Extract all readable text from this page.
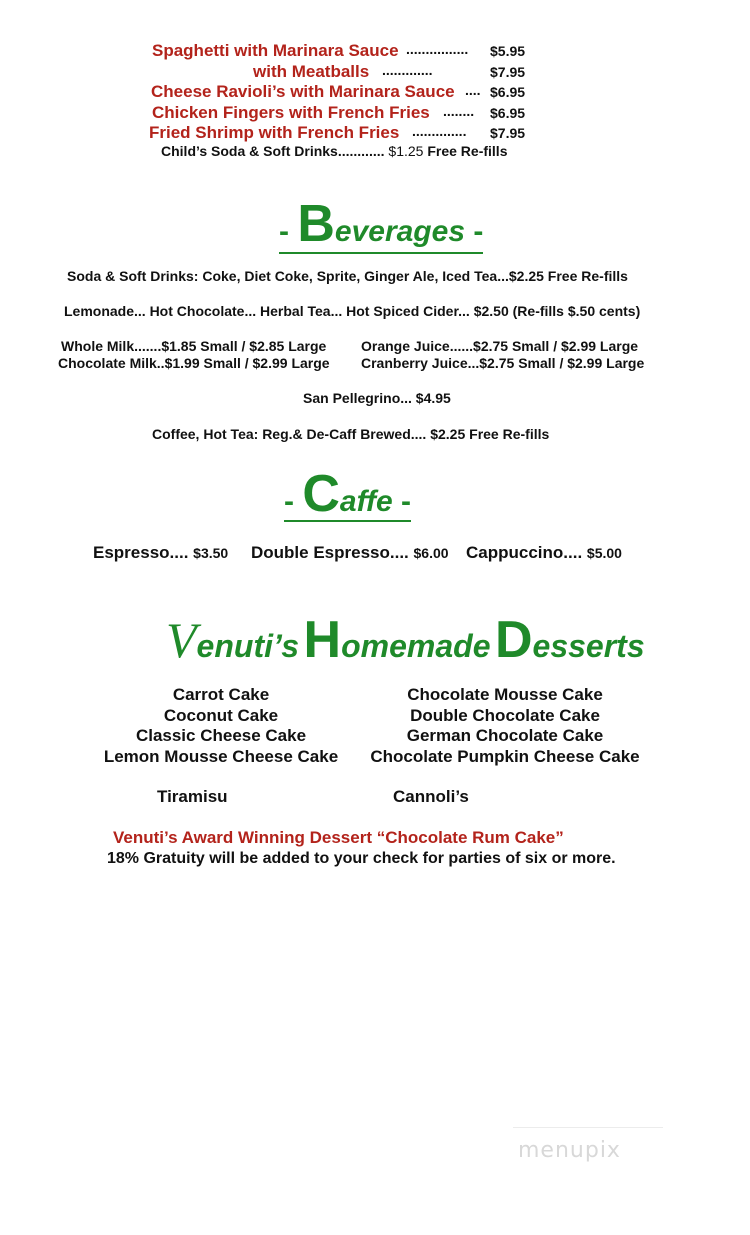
Spaghetti with Marinara Sauce ................ $5.95
with Meatballs .............	$7.95
Cheese Ravioli’s with Marinara Sauce .... $6.95
Chicken Fingers with French Fries ........ $6.95
Fried Shrimp with French Fries .............. $7.95
Child’s Soda & Soft Drinks............ $1.25 Free Re-fills
- Beverages -
Soda & Soft Drinks: Coke, Diet Coke, Sprite, Ginger Ale, Iced Tea...$2.25 Free Re-fills
Lemonade... Hot Chocolate... Herbal Tea... Hot Spiced Cider... $2.50 (Re-fills $.50 cents)
Whole Milk.......$1.85 Small / $2.85 Large Orange Juice......$2.75 Small / $2.99 Large
Chocolate Milk..$1.99 Small / $2.99 Large Cranberry Juice...$2.75 Small / $2.99 Large
San Pellegrino... $4.95
Coffee, Hot Tea: Reg.& De-Caff Brewed.... $2.25 Free Re-fills
- Caffe -
Espresso.... $3.50 Double Espresso.... $6.00 Cappuccino.... $5.00
Venuti’s Homemade Desserts
Carrot Cake
Coconut Cake
Classic Cheese Cake
Lemon Mousse Cheese Cake
Chocolate Mousse Cake
Double Chocolate Cake
German Chocolate Cake
Chocolate Pumpkin Cheese Cake
Tiramisu	Cannoli’s
Venuti’s Award Winning Dessert “Chocolate Rum Cake”
18% Gratuity will be added to your check for parties of six or more.
menupix
